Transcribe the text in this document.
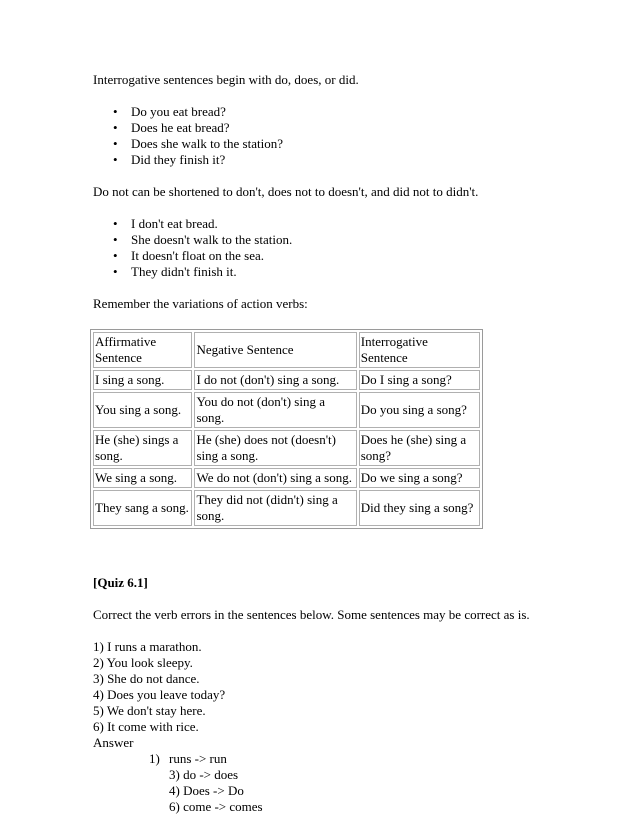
Interrogative sentences begin with do, does, or did.

• Do you eat bread?
• Does he eat bread?
• Does she walk to the station?
• Did they finish it?

Do not can be shortened to don't, does not to doesn't, and did not to didn't.

• I don't eat bread.
• She doesn't walk to the station.
• It doesn't float on the sea.
• They didn't finish it.

Remember the variations of action verbs:

Affirmative Sentence	Negative Sentence	Interrogative Sentence
I sing a song.	I do not (don't) sing a song.	Do I sing a song?
You sing a song.	You do not (don't) sing a song.	Do you sing a song?
He (she) sings a song.	He (she) does not (doesn't) sing a song.	Does he (she) sing a song?
We sing a song.	We do not (don't) sing a song.	Do we sing a song?
They sang a song.	They did not (didn't) sing a song.	Did they sing a song?

[Quiz 6.1]

Correct the verb errors in the sentences below. Some sentences may be correct as is.

1) I runs a marathon.

2) You look sleepy.

3) She do not dance.

4) Does you leave today?

5) We don't stay here.

6) It come with rice.

Answer

1) runs -> run
3) do -> does
4) Does -> Do
6) come -> comes
